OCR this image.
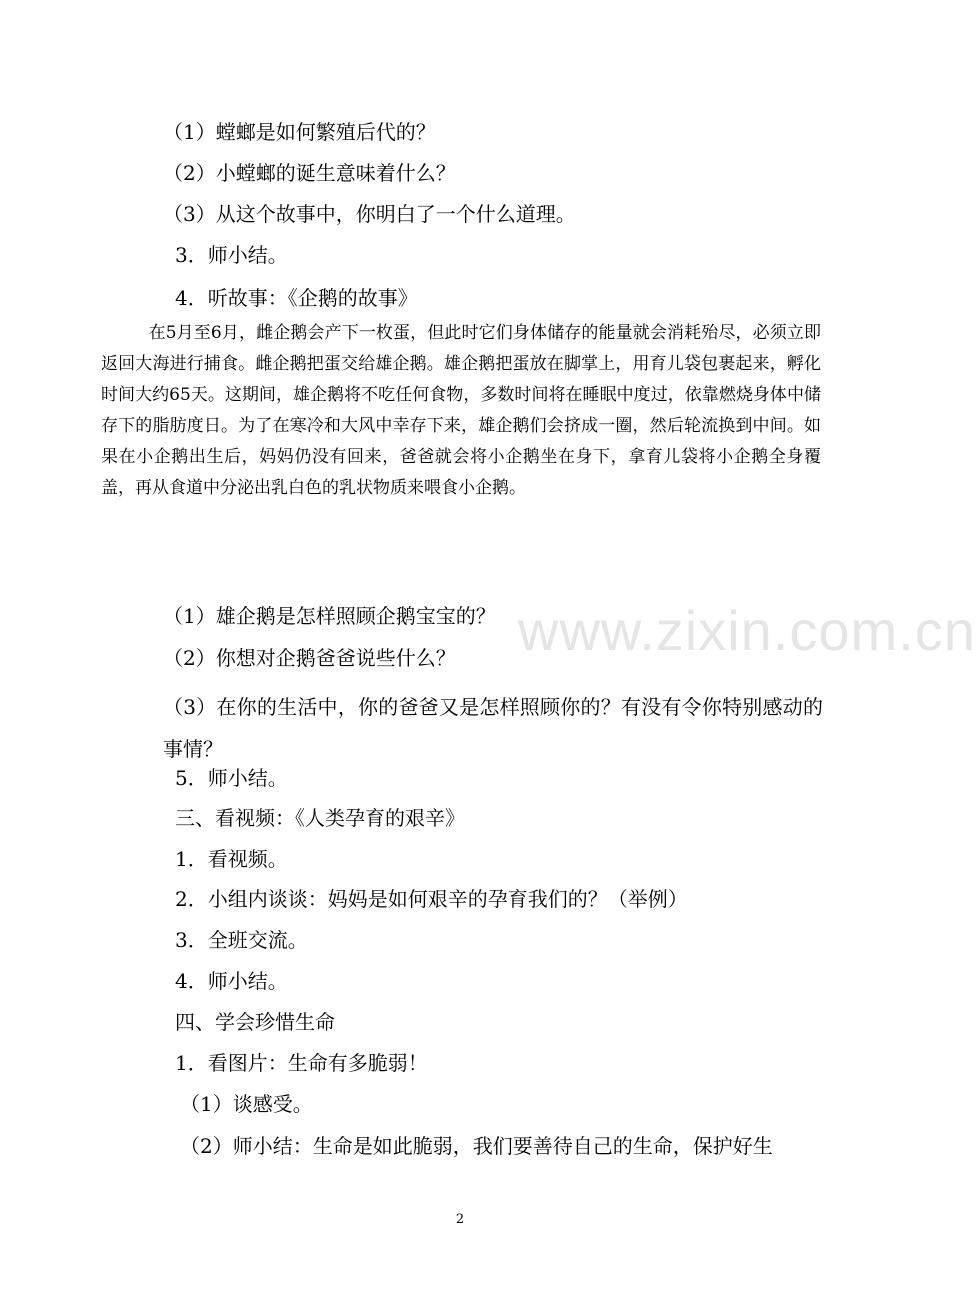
（1）螳螂是如何繁殖后代的？
（2）小螳螂的诞生意味着什么？
（3）从这个故事中，你明白了一个什么道理。
3．师小结。
4．听故事：《企鹅的故事》
在5月至6月，雌企鹅会产下一枚蛋，但此时它们身体储存的能量就会消耗殆尽，必须立即返回大海进行捕食。雌企鹅把蛋交给雄企鹅。雄企鹅把蛋放在脚掌上，用育儿袋包裹起来，孵化时间大约65天。这期间，雄企鹅将不吃任何食物，多数时间将在睡眠中度过，依靠燃烧身体中储存下的脂肪度日。为了在寒冷和大风中幸存下来，雄企鹅们会挤成一圈，然后轮流换到中间。如果在小企鹅出生后，妈妈仍没有回来，爸爸就会将小企鹅坐在身下，拿育儿袋将小企鹅全身覆盖，再从食道中分泌出乳白色的乳状物质来喂食小企鹅。
www.zixin.com.cn
（1）雄企鹅是怎样照顾企鹅宝宝的？
（2）你想对企鹅爸爸说些什么？
（3）在你的生活中，你的爸爸又是怎样照顾你的？有没有令你特别感动的事情？
5．师小结。
三、看视频：《人类孕育的艰辛》
1．看视频。
2．小组内谈谈：妈妈是如何艰辛的孕育我们的？（举例）
3．全班交流。
4．师小结。
四、学会珍惜生命
1．看图片：生命有多脆弱！
（1）谈感受。
（2）师小结：生命是如此脆弱，我们要善待自己的生命，保护好生
2
